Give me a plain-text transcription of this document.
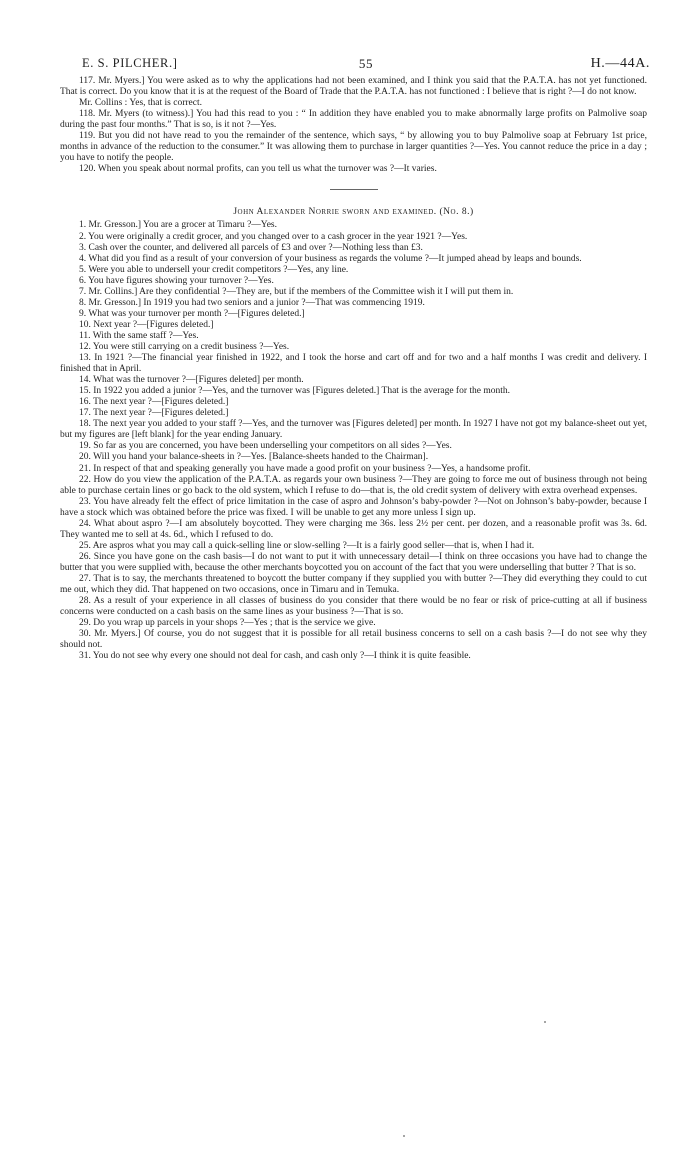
E. S. PILCHER.]	55	H.—44A.

117. Mr. Myers.] You were asked as to why the applications had not been examined, and I think you said that the P.A.T.A. has not yet functioned. That is correct. Do you know that it is at the request of the Board of Trade that the P.A.T.A. has not functioned : I believe that is right ?—I do not know.

Mr. Collins : Yes, that is correct.

118. Mr. Myers (to witness).] You had this read to you : “ In addition they have enabled you to make abnormally large profits on Palmolive soap during the past four months.” That is so, is it not ?—Yes.

119. But you did not have read to you the remainder of the sentence, which says, “ by allowing you to buy Palmolive soap at February 1st price, months in advance of the reduction to the consumer.” It was allowing them to purchase in larger quantities ?—Yes. You cannot reduce the price in a day ; you have to notify the people.

120. When you speak about normal profits, can you tell us what the turnover was ?—It varies.

John Alexander Norrie sworn and examined. (No. 8.)

1. Mr. Gresson.] You are a grocer at Timaru ?—Yes.

2. You were originally a credit grocer, and you changed over to a cash grocer in the year 1921 ?—Yes.

3. Cash over the counter, and delivered all parcels of £3 and over ?—Nothing less than £3.

4. What did you find as a result of your conversion of your business as regards the volume ?—It jumped ahead by leaps and bounds.

5. Were you able to undersell your credit competitors ?—Yes, any line.

6. You have figures showing your turnover ?—Yes.

7. Mr. Collins.] Are they confidential ?—They are, but if the members of the Committee wish it I will put them in.

8. Mr. Gresson.] In 1919 you had two seniors and a junior ?—That was commencing 1919.

9. What was your turnover per month ?—[Figures deleted.]

10. Next year ?—[Figures deleted.]

11. With the same staff ?—Yes.

12. You were still carrying on a credit business ?—Yes.

13. In 1921 ?—The financial year finished in 1922, and I took the horse and cart off and for two and a half months I was credit and delivery. I finished that in April.

14. What was the turnover ?—[Figures deleted] per month.

15. In 1922 you added a junior ?—Yes, and the turnover was [Figures deleted.] That is the average for the month.

16. The next year ?—[Figures deleted.]

17. The next year ?—[Figures deleted.]

18. The next year you added to your staff ?—Yes, and the turnover was [Figures deleted] per month. In 1927 I have not got my balance-sheet out yet, but my figures are [left blank] for the year ending January.

19. So far as you are concerned, you have been underselling your competitors on all sides ?—Yes.

20. Will you hand your balance-sheets in ?—Yes. [Balance-sheets handed to the Chairman].

21. In respect of that and speaking generally you have made a good profit on your business ?—Yes, a handsome profit.

22. How do you view the application of the P.A.T.A. as regards your own business ?—They are going to force me out of business through not being able to purchase certain lines or go back to the old system, which I refuse to do—that is, the old credit system of delivery with extra overhead expenses.

23. You have already felt the effect of price limitation in the case of aspro and Johnson’s baby-powder ?—Not on Johnson’s baby-powder, because I have a stock which was obtained before the price was fixed. I will be unable to get any more unless I sign up.

24. What about aspro ?—I am absolutely boycotted. They were charging me 36s. less 2½ per cent. per dozen, and a reasonable profit was 3s. 6d. They wanted me to sell at 4s. 6d., which I refused to do.

25. Are aspros what you may call a quick-selling line or slow-selling ?—It is a fairly good seller—that is, when I had it.

26. Since you have gone on the cash basis—I do not want to put it with unnecessary detail—I think on three occasions you have had to change the butter that you were supplied with, because the other merchants boycotted you on account of the fact that you were underselling that butter ? That is so.

27. That is to say, the merchants threatened to boycott the butter company if they supplied you with butter ?—They did everything they could to cut me out, which they did. That happened on two occasions, once in Timaru and in Temuka.

28. As a result of your experience in all classes of business do you consider that there would be no fear or risk of price-cutting at all if business concerns were conducted on a cash basis on the same lines as your business ?—That is so.

29. Do you wrap up parcels in your shops ?—Yes ; that is the service we give.

30. Mr. Myers.] Of course, you do not suggest that it is possible for all retail business concerns to sell on a cash basis ?—I do not see why they should not.

31. You do not see why every one should not deal for cash, and cash only ?—I think it is quite feasible.
